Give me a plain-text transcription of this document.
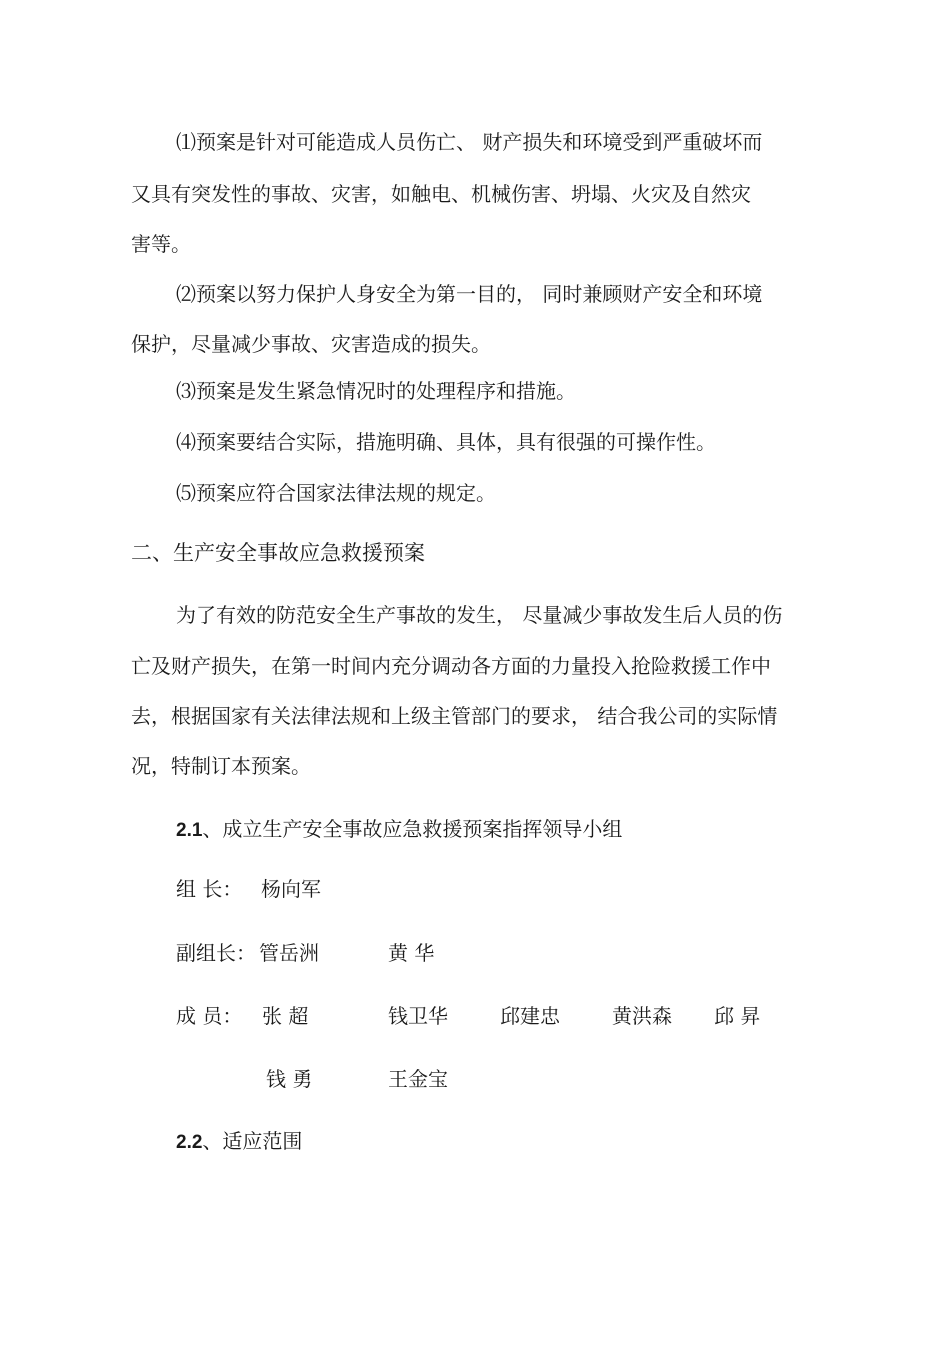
⑴预案是针对可能造成人员伤亡、 财产损失和环境受到严重破坏而
又具有突发性的事故、灾害，如触电、机械伤害、坍塌、火灾及自然灾
害等。
⑵预案以努力保护人身安全为第一目的， 同时兼顾财产安全和环境
保护，尽量减少事故、灾害造成的损失。
⑶预案是发生紧急情况时的处理程序和措施。
⑷预案要结合实际，措施明确、具体，具有很强的可操作性。
⑸预案应符合国家法律法规的规定。
二、生产安全事故应急救援预案
为了有效的防范安全生产事故的发生， 尽量减少事故发生后人员的伤
亡及财产损失，在第一时间内充分调动各方面的力量投入抢险救援工作中
去，根据国家有关法律法规和上级主管部门的要求， 结合我公司的实际情
况，特制订本预案。
2.1、成立生产安全事故应急救援预案指挥领导小组
组 长： 杨向军
副组长： 管岳洲	黄 华
成 员： 张 超	钱卫华	邱建忠	黄洪森 邱 昇
钱 勇	王金宝
2.2、适应范围
